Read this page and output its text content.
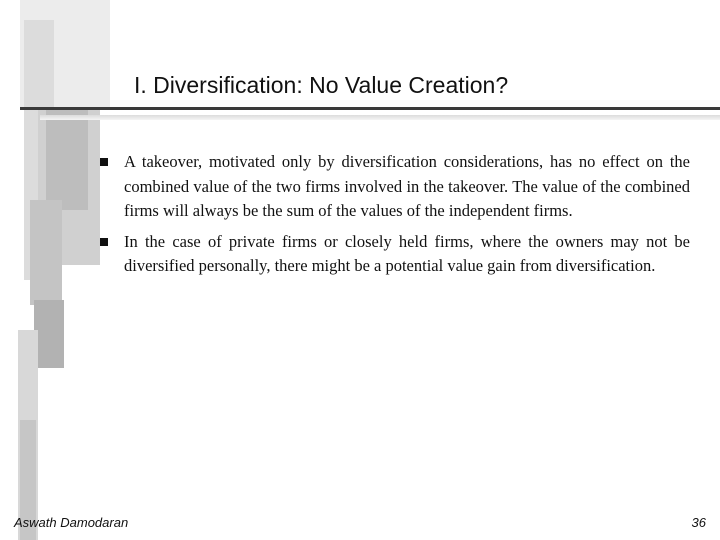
I. Diversification: No Value Creation?
A takeover, motivated only by diversification considerations, has no effect on the combined value of the two firms involved in the takeover. The value of the combined firms will always be the sum of the values of the independent firms.
In the case of private firms or closely held firms, where the owners may not be diversified personally, there might be a potential value gain from diversification.
Aswath Damodaran	36
